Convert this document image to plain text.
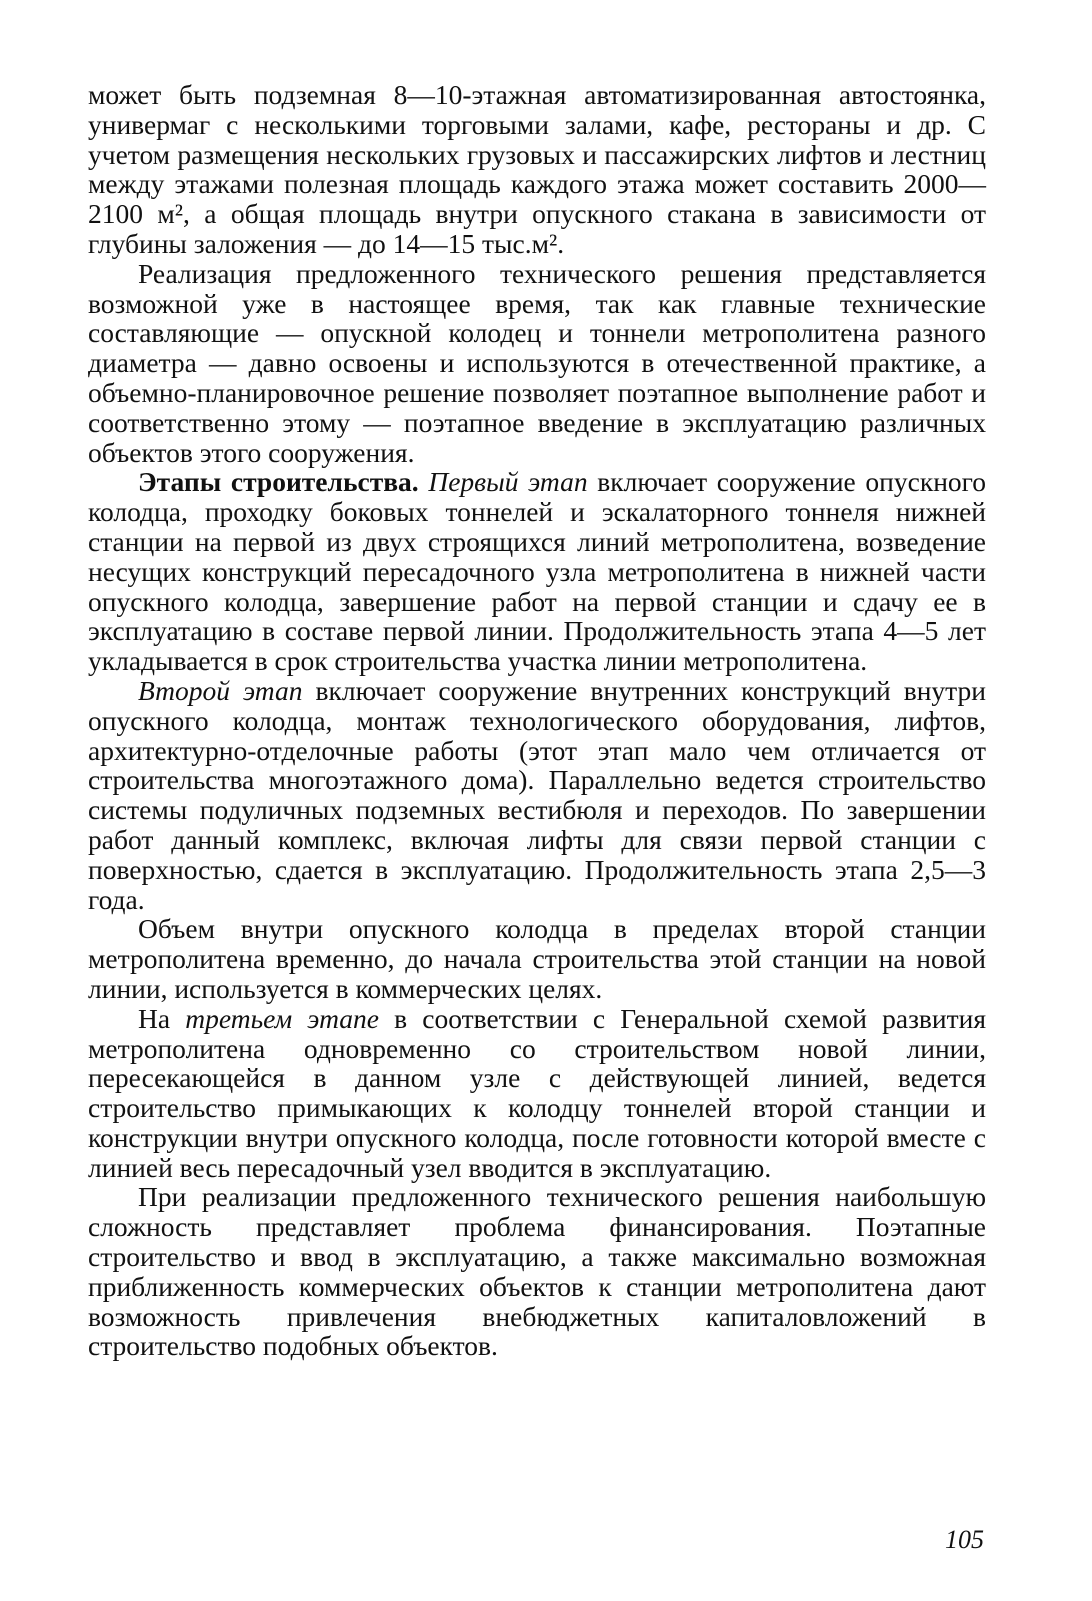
может быть подземная 8—10-этажная автоматизированная автостоянка, универмаг с несколькими торговыми залами, кафе, рестораны и др. С учетом размещения нескольких грузовых и пассажирских лифтов и лестниц между этажами полезная площадь каждого этажа может составить 2000—2100 м², а общая площадь внутри опускного стакана в зависимости от глубины заложения — до 14—15 тыс.м².

Реализация предложенного технического решения представляется возможной уже в настоящее время, так как главные технические составляющие — опускной колодец и тоннели метрополитена разного диаметра — давно освоены и используются в отечественной практике, а объемно-планировочное решение позволяет поэтапное выполнение работ и соответственно этому — поэтапное введение в эксплуатацию различных объектов этого сооружения.

Этапы строительства. Первый этап включает сооружение опускного колодца, проходку боковых тоннелей и эскалаторного тоннеля нижней станции на первой из двух строящихся линий метрополитена, возведение несущих конструкций пересадочного узла метрополитена в нижней части опускного колодца, завершение работ на первой станции и сдачу ее в эксплуатацию в составе первой линии. Продолжительность этапа 4—5 лет укладывается в срок строительства участка линии метрополитена.

Второй этап включает сооружение внутренних конструкций внутри опускного колодца, монтаж технологического оборудования, лифтов, архитектурно-отделочные работы (этот этап мало чем отличается от строительства многоэтажного дома). Параллельно ведется строительство системы подуличных подземных вестибюля и переходов. По завершении работ данный комплекс, включая лифты для связи первой станции с поверхностью, сдается в эксплуатацию. Продолжительность этапа 2,5—3 года.

Объем внутри опускного колодца в пределах второй станции метрополитена временно, до начала строительства этой станции на новой линии, используется в коммерческих целях.

На третьем этапе в соответствии с Генеральной схемой развития метрополитена одновременно со строительством новой линии, пересекающейся в данном узле с действующей линией, ведется строительство примыкающих к колодцу тоннелей второй станции и конструкции внутри опускного колодца, после готовности которой вместе с линией весь пересадочный узел вводится в эксплуатацию.

При реализации предложенного технического решения наибольшую сложность представляет проблема финансирования. Поэтапные строительство и ввод в эксплуатацию, а также максимально возможная приближенность коммерческих объектов к станции метрополитена дают возможность привлечения внебюджетных капиталовложений в строительство подобных объектов.

105
